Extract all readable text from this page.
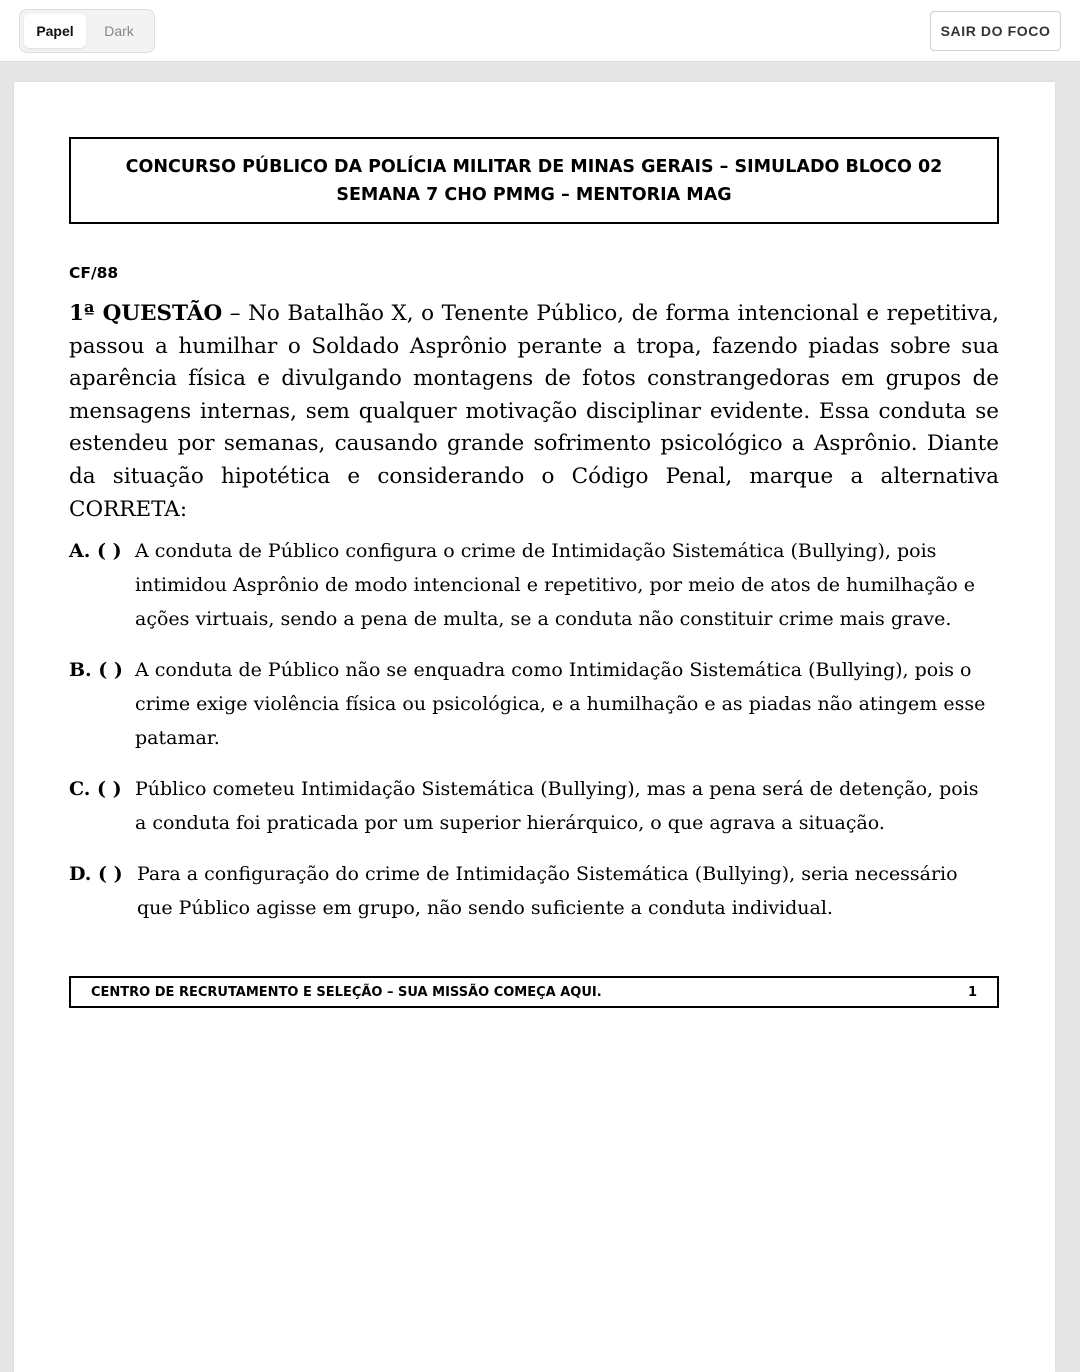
Papel	Dark	SAIR DO FOCO
CONCURSO PÚBLICO DA POLÍCIA MILITAR DE MINAS GERAIS – SIMULADO BLOCO 02 SEMANA 7 CHO PMMG – MENTORIA MAG
CF/88

1ª QUESTÃO – No Batalhão X, o Tenente Público, de forma intencional e repetitiva, passou a humilhar o Soldado Asprônio perante a tropa, fazendo piadas sobre sua aparência física e divulgando montagens de fotos constrangedoras em grupos de mensagens internas, sem qualquer motivação disciplinar evidente. Essa conduta se estendeu por semanas, causando grande sofrimento psicológico a Asprônio. Diante da situação hipotética e considerando o Código Penal, marque a alternativa CORRETA:

A. ( ) A conduta de Público configura o crime de Intimidação Sistemática (Bullying), pois intimidou Asprônio de modo intencional e repetitivo, por meio de atos de humilhação e ações virtuais, sendo a pena de multa, se a conduta não constituir crime mais grave.
B. ( ) A conduta de Público não se enquadra como Intimidação Sistemática (Bullying), pois o crime exige violência física ou psicológica, e a humilhação e as piadas não atingem esse patamar.
C. ( ) Público cometeu Intimidação Sistemática (Bullying), mas a pena será de detenção, pois a conduta foi praticada por um superior hierárquico, o que agrava a situação.
D. ( ) Para a configuração do crime de Intimidação Sistemática (Bullying), seria necessário que Público agisse em grupo, não sendo suficiente a conduta individual.
CENTRO DE RECRUTAMENTO E SELEÇÃO – SUA MISSÃO COMEÇA AQUI.	1
